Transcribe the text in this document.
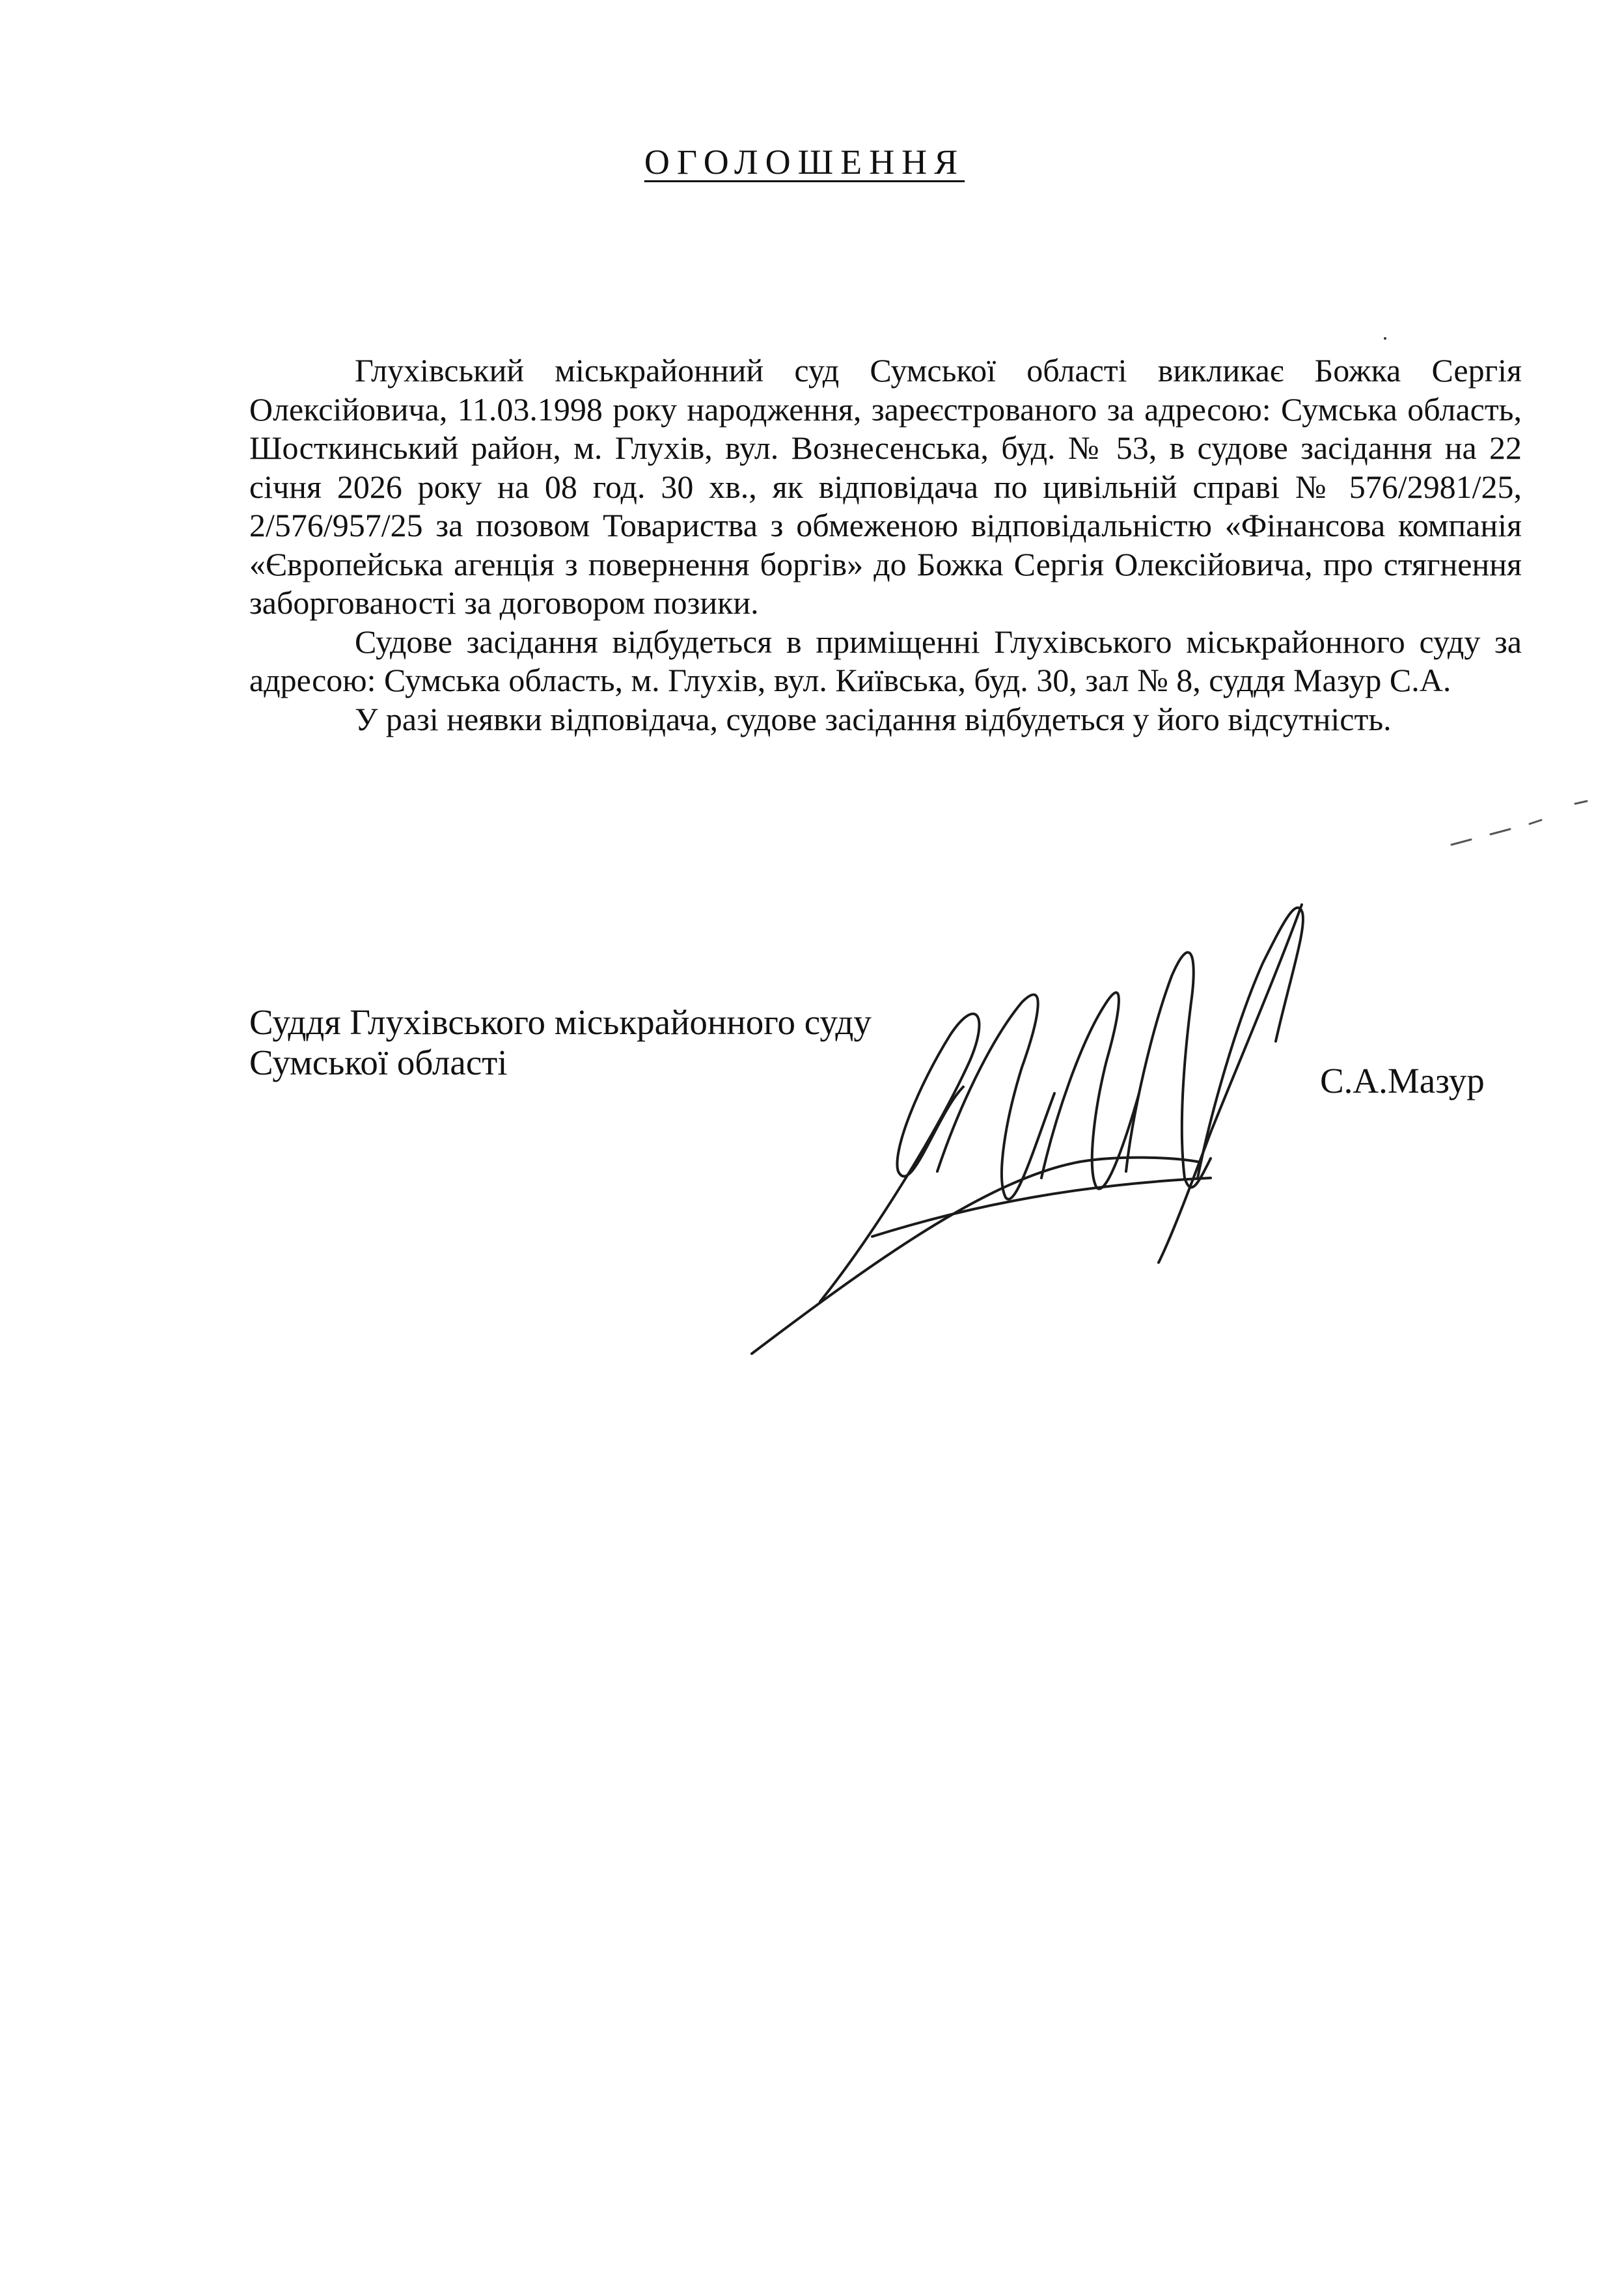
ОГОЛОШЕННЯ

Глухівський міськрайонний суд Сумської області викликає Божка Сергія Олексійовича, 11.03.1998 року народження, зареєстрованого за адресою: Сумська область, Шосткинський район, м. Глухів, вул. Вознесенська, буд. № 53, в судове засідання на 22 січня 2026 року на 08 год. 30 хв., як відповідача по цивільній справі № 576/2981/25, 2/576/957/25 за позовом Товариства з обмеженою відповідальністю «Фінансова компанія «Європейська агенція з повернення боргів» до Божка Сергія Олексійовича, про стягнення заборгованості за договором позики.

Судове засідання відбудеться в приміщенні Глухівського міськрайонного суду за адресою: Сумська область, м. Глухів, вул. Київська, буд. 30, зал № 8, суддя Мазур С.А.

У разі неявки відповідача, судове засідання відбудеться у його відсутність.

Суддя Глухівського міськрайонного суду
Сумської області	С.А.Мазур
